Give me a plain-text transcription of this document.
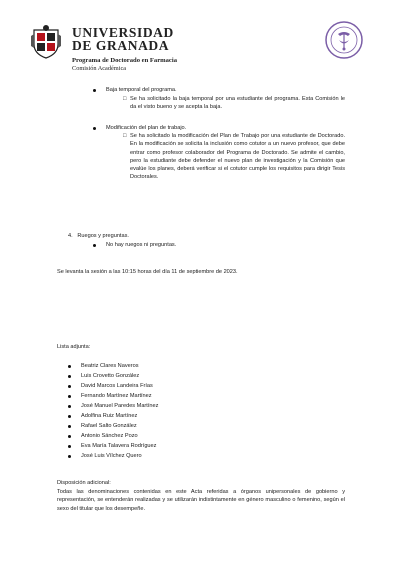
UNIVERSIDAD
DE GRANADA
Programa de Doctorado en Farmacia
Comisión Académica
Baja temporal del programa.
□ Se ha solicitado la baja temporal por una estudiante del programa. Esta Comisión le da el visto bueno y se acepta la baja.
Modificación del plan de trabajo.
□ Se ha solicitado la modificación del Plan de Trabajo por una estudiante de Doctorado. En la modificación se solicita la inclusión como cotutor a un nuevo profesor, que debe entrar como profesor colaborador del Programa de Doctorado. Se admite el cambio, pero la estudiante debe defender el nuevo plan de investigación y la Comisión que evalúe los planes, deberá verificar si el cotutor cumple los requisitos para dirigir Tesis Doctorales.
4.   Ruegos y preguntas.
No hay ruegos ni preguntas.
Se levanta la sesión a las 10:15 horas del día 11 de septiembre de 2023.
Lista adjunta:
Beatriz Clares Naveros
Luis Crovetto González
David Marcos Landeira Frías
Fernando Martínez Martínez
José Manuel Paredes Martínez
Adolfina Ruiz Martínez
Rafael Salto González
Antonio Sánchez Pozo
Eva María Talavera Rodríguez
José Luis Vílchez Quero
Disposición adicional:
Todas las denominaciones contenidas en este Acta referidas a órganos unipersonales de gobierno y representación, se entenderán realizadas y se utilizarán indistintamente en género masculino o femenino, según el sexo del titular que los desempeñe.
